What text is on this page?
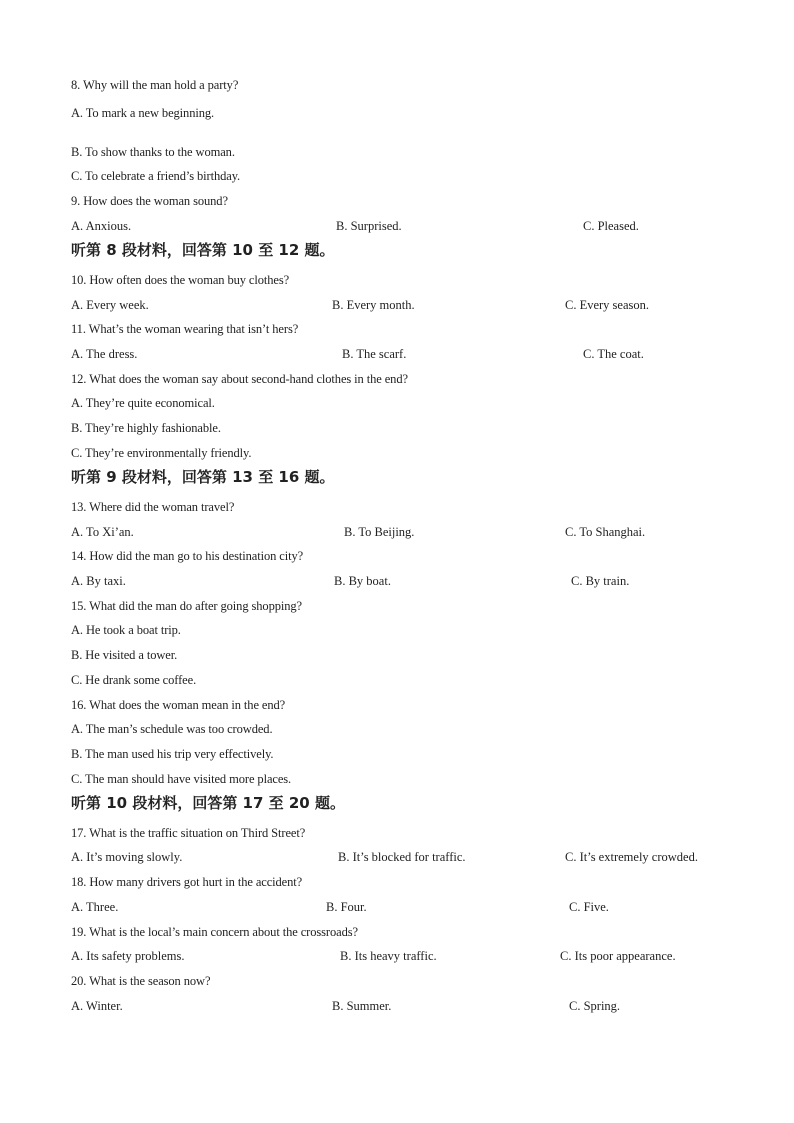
8. Why will the man hold a party?
A. To mark a new beginning.
B. To show thanks to the woman.
C. To celebrate a friend’s birthday.
9. How does the woman sound?
A. Anxious.	B. Surprised.	C. Pleased.
听第 8 段材料，回答第 10 至 12 题。
10. How often does the woman buy clothes?
A. Every week.	B. Every month.	C. Every season.
11. What’s the woman wearing that isn’t hers?
A. The dress.	B. The scarf.	C. The coat.
12. What does the woman say about second-hand clothes in the end?
A. They’re quite economical.
B. They’re highly fashionable.
C. They’re environmentally friendly.
听第 9 段材料，回答第 13 至 16 题。
13. Where did the woman travel?
A. To Xi’an.	B. To Beijing.	C. To Shanghai.
14. How did the man go to his destination city?
A. By taxi.	B. By boat.	C. By train.
15. What did the man do after going shopping?
A. He took a boat trip.
B. He visited a tower.
C. He drank some coffee.
16. What does the woman mean in the end?
A. The man’s schedule was too crowded.
B. The man used his trip very effectively.
C. The man should have visited more places.
听第 10 段材料，回答第 17 至 20 题。
17. What is the traffic situation on Third Street?
A. It’s moving slowly.	B. It’s blocked for traffic.	C. It’s extremely crowded.
18. How many drivers got hurt in the accident?
A. Three.	B. Four.	C. Five.
19. What is the local’s main concern about the crossroads?
A. Its safety problems.	B. Its heavy traffic.	C. Its poor appearance.
20. What is the season now?
A. Winter.	B. Summer.	C. Spring.
